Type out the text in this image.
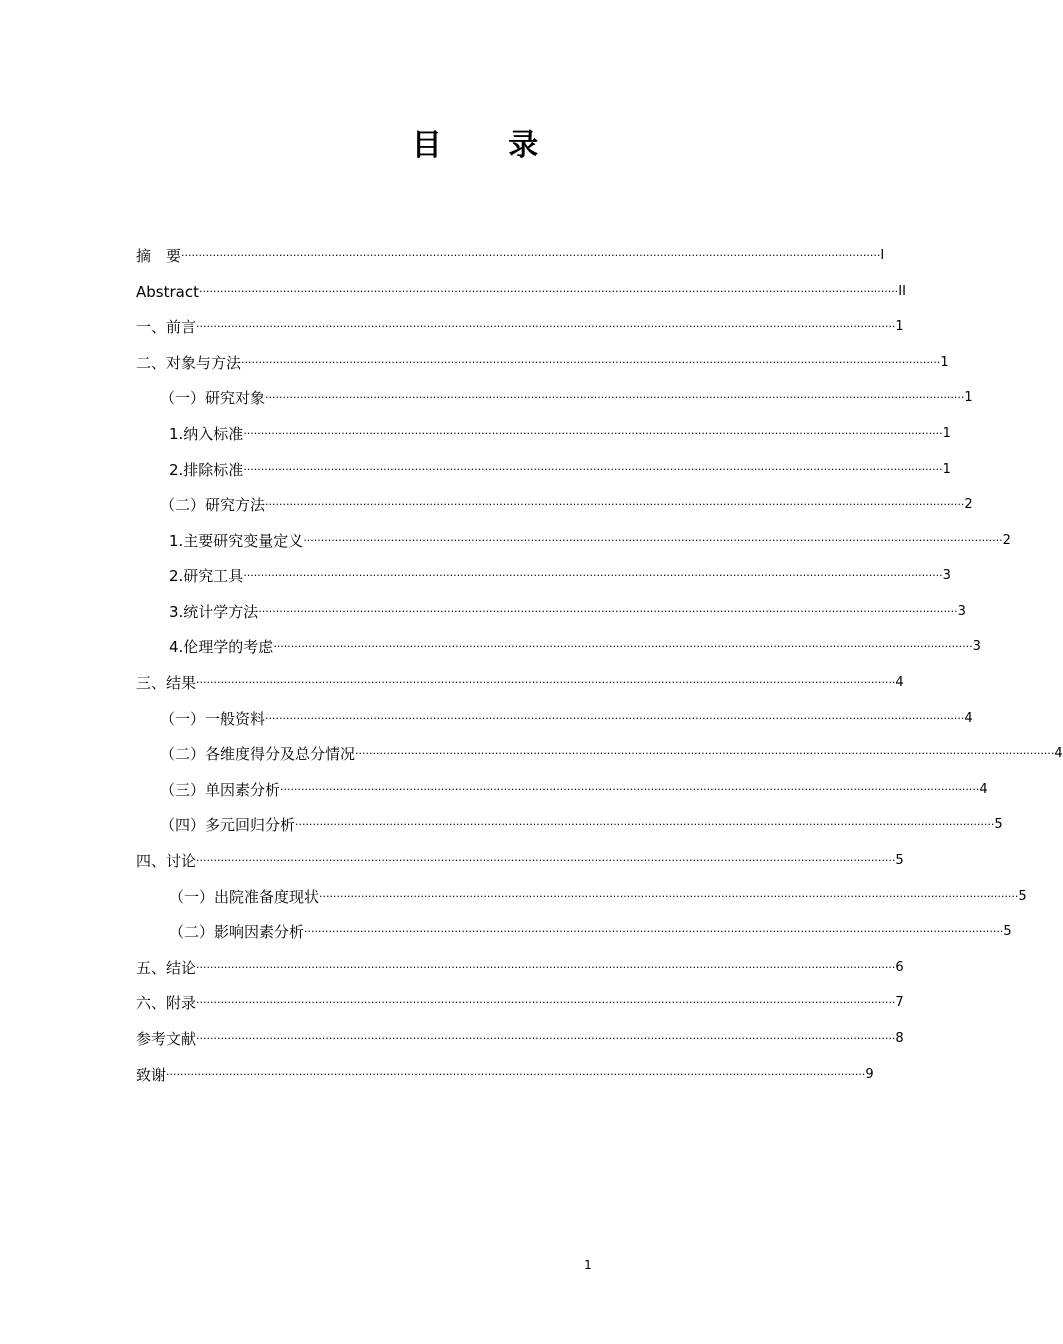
目 录
摘　要 ········································································································································································································ I
Abstract ········································································································································································································ II
一、前言 ········································································································································································································ 1
二、对象与方法 ········································································································································································································ 1
（一）研究对象 ········································································································································································································ 1
1.纳入标准 ········································································································································································································ 1
2.排除标准 ········································································································································································································ 1
（二）研究方法 ········································································································································································································ 2
1.主要研究变量定义 ········································································································································································································ 2
2.研究工具 ········································································································································································································ 3
3.统计学方法 ········································································································································································································ 3
4.伦理学的考虑 ········································································································································································································ 3
三、结果 ········································································································································································································ 4
（一）一般资料 ········································································································································································································ 4
（二）各维度得分及总分情况 ········································································································································································································ 4
（三）单因素分析 ········································································································································································································ 4
（四）多元回归分析 ········································································································································································································ 5
四、讨论 ········································································································································································································ 5
（一）出院准备度现状 ········································································································································································································ 5
（二）影响因素分析 ········································································································································································································ 5
五、结论 ········································································································································································································ 6
六、附录 ········································································································································································································ 7
参考文献 ········································································································································································································ 8
致谢 ········································································································································································································ 9
1
